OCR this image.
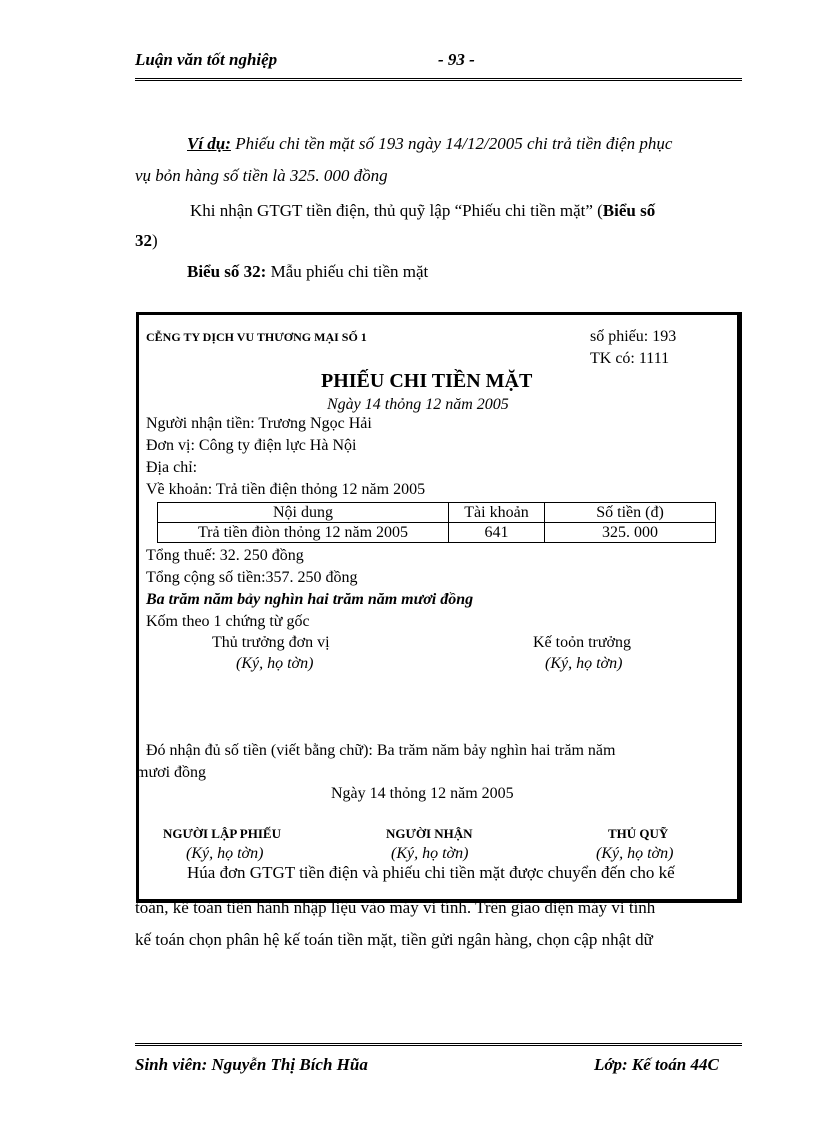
Luận văn tốt nghiệp	- 93 -
Ví dụ: Phiếu chi tền mặt số 193 ngày 14/12/2005 chi trả tiền điện phục
vụ bỏn hàng số tiền là 325. 000 đồng
Khi nhận GTGT tiền điện, thủ quỹ lập “Phiếu chi tiền mặt” (Biểu số
32)
Biểu số 32: Mẫu phiếu chi tiền mặt
CỄNG TY DỊCH VU THƯƠNG MẠI SỐ 1	số phiếu: 193
TK có: 1111
PHIẾU CHI TIỀN MẶT
Ngày 14 thỏng 12 năm 2005
Người nhận tiền: Trương Ngọc Hải
Đơn vị: Công ty điện lực Hà Nội
Địa chỉ:
Về khoản: Trả tiền điện thỏng 12 năm 2005
Nội dung	Tài khoản	Số tiền (đ)
Trả tiền điòn thỏng 12 năm 2005	641	325. 000
Tổng thuế: 32. 250 đồng
Tổng cộng số tiền:357. 250 đồng
Ba trăm năm bảy nghìn hai trăm năm mươi đồng
Kốm theo 1 chứng từ gốc
Thủ trưởng đơn vị
(Ký, họ tờn)
Kế toỏn trưởng
(Ký, họ tờn)
Đó nhận đủ số tiền (viết bằng chữ): Ba trăm năm bảy nghìn hai trăm năm
mươi đồng
Ngày 14 thỏng 12 năm 2005
NGƯỜI LẬP PHIẾU
(Ký, họ tờn)
NGƯỜI NHẬN
(Ký, họ tờn)
THỦ QUỸ
(Ký, họ tờn)
Húa đơn GTGT tiền điện và phiếu chi tiền mặt được chuyển đến cho kế
toán, kế toán tiến hành nhập liệu vào máy vi tính. Trên giao diện máy vi tính
kế toán chọn phân hệ kế toán tiền mặt, tiền gửi ngân hàng, chọn cập nhật dữ
Sinh viên: Nguyễn Thị Bích Hũa	Lớp: Kế toán 44C
